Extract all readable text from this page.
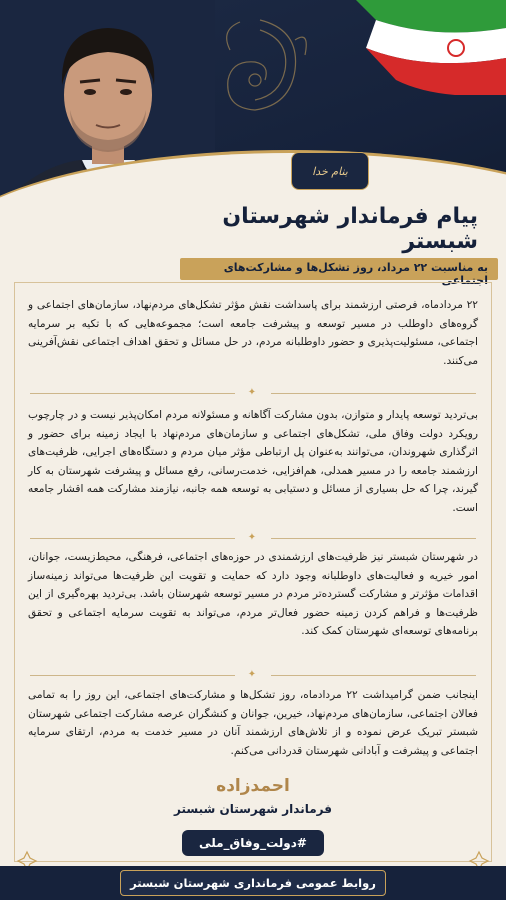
بنام خدا
پیام فرماندار شهرستان شبستر
به مناسبت ۲۲ مرداد، روز تشکل‌ها و مشارکت‌های اجتماعی
۲۲ مردادماه، فرصتی ارزشمند برای پاسداشت نقش مؤثر تشکل‌های مردم‌نهاد، سازمان‌های اجتماعی و گروه‌های داوطلب در مسیر توسعه و پیشرفت جامعه است؛ مجموعه‌هایی که با تکیه بر سرمایه اجتماعی، مسئولیت‌پذیری و حضور داوطلبانه مردم، در حل مسائل و تحقق اهداف اجتماعی نقش‌آفرینی می‌کنند.
✦
بی‌تردید توسعه پایدار و متوازن، بدون مشارکت آگاهانه و مسئولانه مردم امکان‌پذیر نیست و در چارچوب رویکرد دولت وفاق ملی، تشکل‌های اجتماعی و سازمان‌های مردم‌نهاد با ایجاد زمینه برای حضور و اثرگذاری شهروندان، می‌توانند به‌عنوان پل ارتباطی مؤثر میان مردم و دستگاه‌های اجرایی، ظرفیت‌های ارزشمند جامعه را در مسیر همدلی، هم‌افزایی، خدمت‌رسانی، رفع مسائل و پیشرفت شهرستان به کار گیرند، چرا که حل بسیاری از مسائل و دستیابی به توسعه همه جانبه، نیازمند مشارکت همه اقشار جامعه است.
✦
در شهرستان شبستر نیز ظرفیت‌های ارزشمندی در حوزه‌های اجتماعی، فرهنگی، محیط‌زیست، جوانان، امور خیریه و فعالیت‌های داوطلبانه وجود دارد که حمایت و تقویت این ظرفیت‌ها می‌تواند زمینه‌ساز اقدامات مؤثرتر و مشارکت گسترده‌تر مردم در مسیر توسعه شهرستان باشد. بی‌تردید بهره‌گیری از این ظرفیت‌ها و فراهم کردن زمینه حضور فعال‌تر مردم، می‌تواند به تقویت سرمایه اجتماعی و تحقق برنامه‌های توسعه‌ای شهرستان کمک کند.
✦
اینجانب ضمن گرامیداشت ۲۲ مردادماه، روز تشکل‌ها و مشارکت‌های اجتماعی، این روز را به تمامی فعالان اجتماعی، سازمان‌های مردم‌نهاد، خیرین، جوانان و کنشگران عرصه مشارکت اجتماعی شهرستان شبستر تبریک عرض نموده و از تلاش‌های ارزشمند آنان در مسیر خدمت به مردم، ارتقای سرمایه اجتماعی و پیشرفت و آبادانی شهرستان قدردانی می‌کنم.
احمدزاده
فرماندار شهرستان شبستر
#دولت_وفاق_ملی
روابط عمومی فرمانداری شهرستان شبستر
